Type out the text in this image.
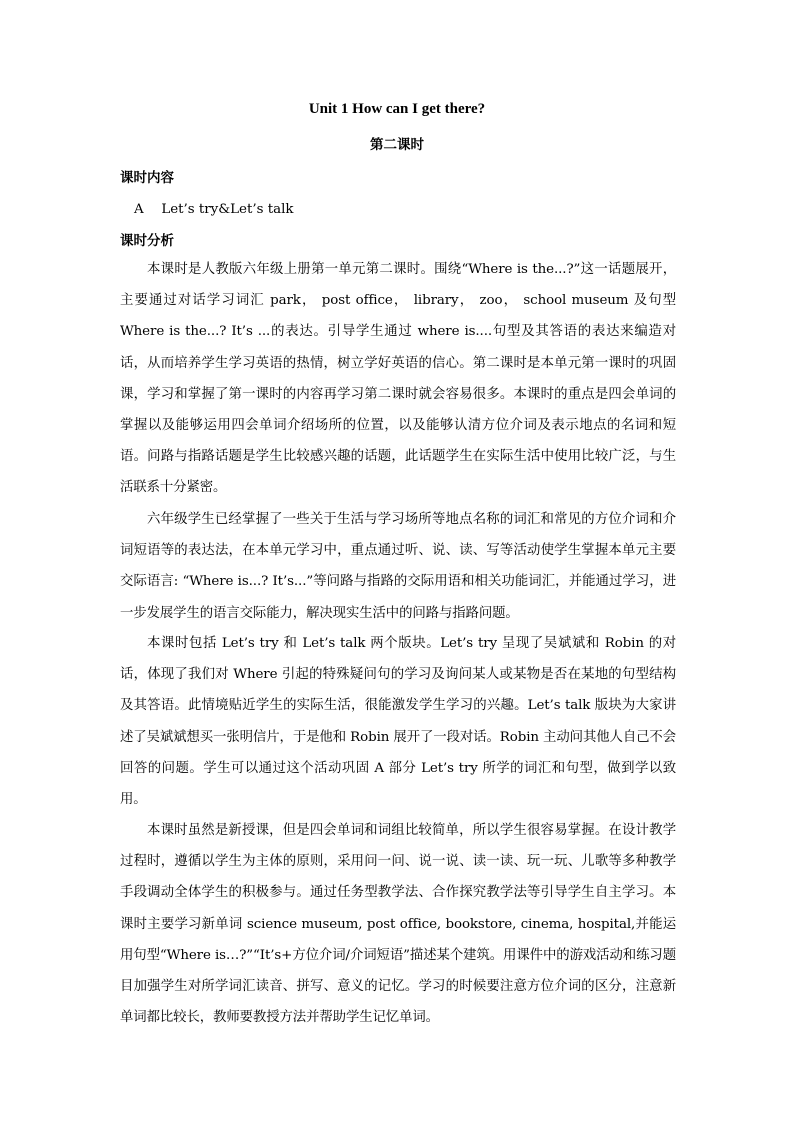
Unit 1 How can I get there?
第二课时
课时内容
A　 Let’s try&Let’s talk
课时分析

本课时是人教版六年级上册第一单元第二课时。围绕“Where is the...?”这一话题展开，主要通过对话学习词汇 park， post office， library， zoo， school museum 及句型 Where is the...? It’s ...的表达。引导学生通过 where is....句型及其答语的表达来编造对话，从而培养学生学习英语的热情，树立学好英语的信心。第二课时是本单元第一课时的巩固课，学习和掌握了第一课时的内容再学习第二课时就会容易很多。本课时的重点是四会单词的掌握以及能够运用四会单词介绍场所的位置，以及能够认清方位介词及表示地点的名词和短语。问路与指路话题是学生比较感兴趣的话题，此话题学生在实际生活中使用比较广泛，与生活联系十分紧密。

六年级学生已经掌握了一些关于生活与学习场所等地点名称的词汇和常见的方位介词和介词短语等的表达法，在本单元学习中，重点通过听、说、读、写等活动使学生掌握本单元主要交际语言: “Where is...? It’s...”等问路与指路的交际用语和相关功能词汇，并能通过学习，进一步发展学生的语言交际能力，解决现实生活中的问路与指路问题。

本课时包括 Let’s try 和 Let’s talk 两个版块。Let’s try 呈现了吴斌斌和 Robin 的对话，体现了我们对 Where 引起的特殊疑问句的学习及询问某人或某物是否在某地的句型结构及其答语。此情境贴近学生的实际生活，很能激发学生学习的兴趣。Let’s talk 版块为大家讲述了吴斌斌想买一张明信片，于是他和 Robin 展开了一段对话。Robin 主动问其他人自己不会回答的问题。学生可以通过这个活动巩固 A 部分 Let’s try 所学的词汇和句型，做到学以致用。

本课时虽然是新授课，但是四会单词和词组比较简单，所以学生很容易掌握。在设计教学过程时，遵循以学生为主体的原则，采用问一问、说一说、读一读、玩一玩、儿歌等多种教学手段调动全体学生的积极参与。通过任务型教学法、合作探究教学法等引导学生自主学习。本课时主要学习新单词 science museum, post office, bookstore, cinema, hospital,并能运用句型“Where is…?”“It’s+方位介词/介词短语”描述某个建筑。用课件中的游戏活动和练习题目加强学生对所学词汇读音、拼写、意义的记忆。学习的时候要注意方位介词的区分，注意新单词都比较长，教师要教授方法并帮助学生记忆单词。
